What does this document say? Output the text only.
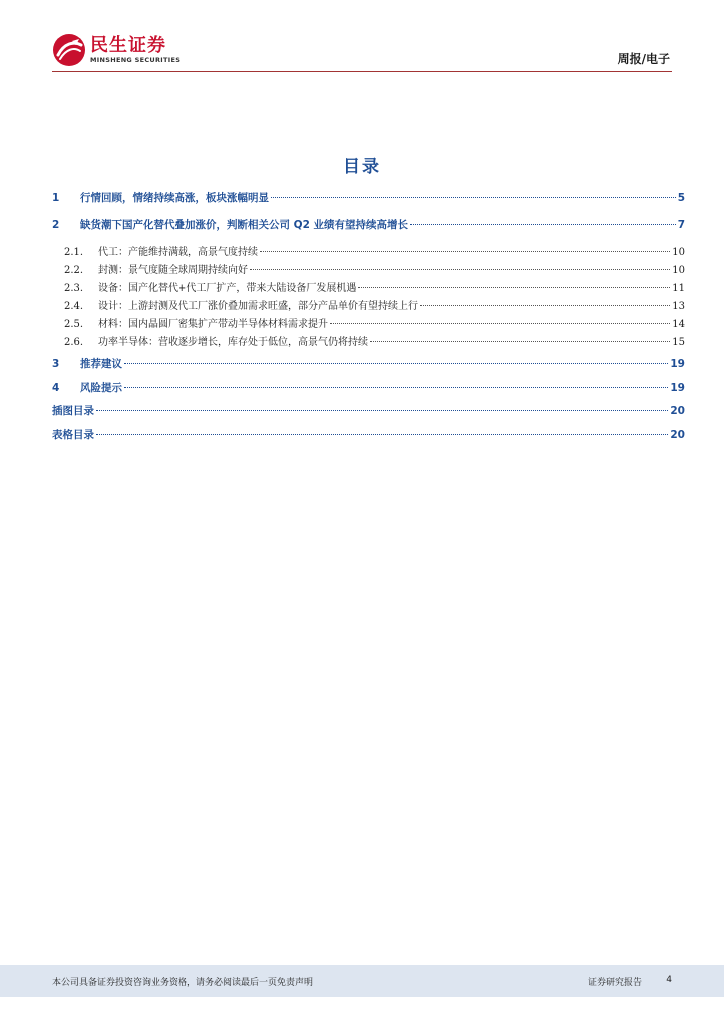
民生证券
MINSHENG SECURITIES	周报/电子
目录
1	行情回顾，情绪持续高涨，板块涨幅明显	5
2	缺货潮下国产化替代叠加涨价，判断相关公司 Q2 业绩有望持续高增长	7
2.1.	代工：产能维持满载，高景气度持续	10
2.2.	封测：景气度随全球周期持续向好	10
2.3.	设备：国产化替代+代工厂扩产，带来大陆设备厂发展机遇	11
2.4.	设计：上游封测及代工厂涨价叠加需求旺盛，部分产品单价有望持续上行	13
2.5.	材料：国内晶圆厂密集扩产带动半导体材料需求提升	14
2.6.	功率半导体：营收逐步增长，库存处于低位，高景气仍将持续	15
3	推荐建议	19
4	风险提示	19
插图目录	20
表格目录	20
本公司具备证券投资咨询业务资格，请务必阅读最后一页免责声明	证券研究报告	4
